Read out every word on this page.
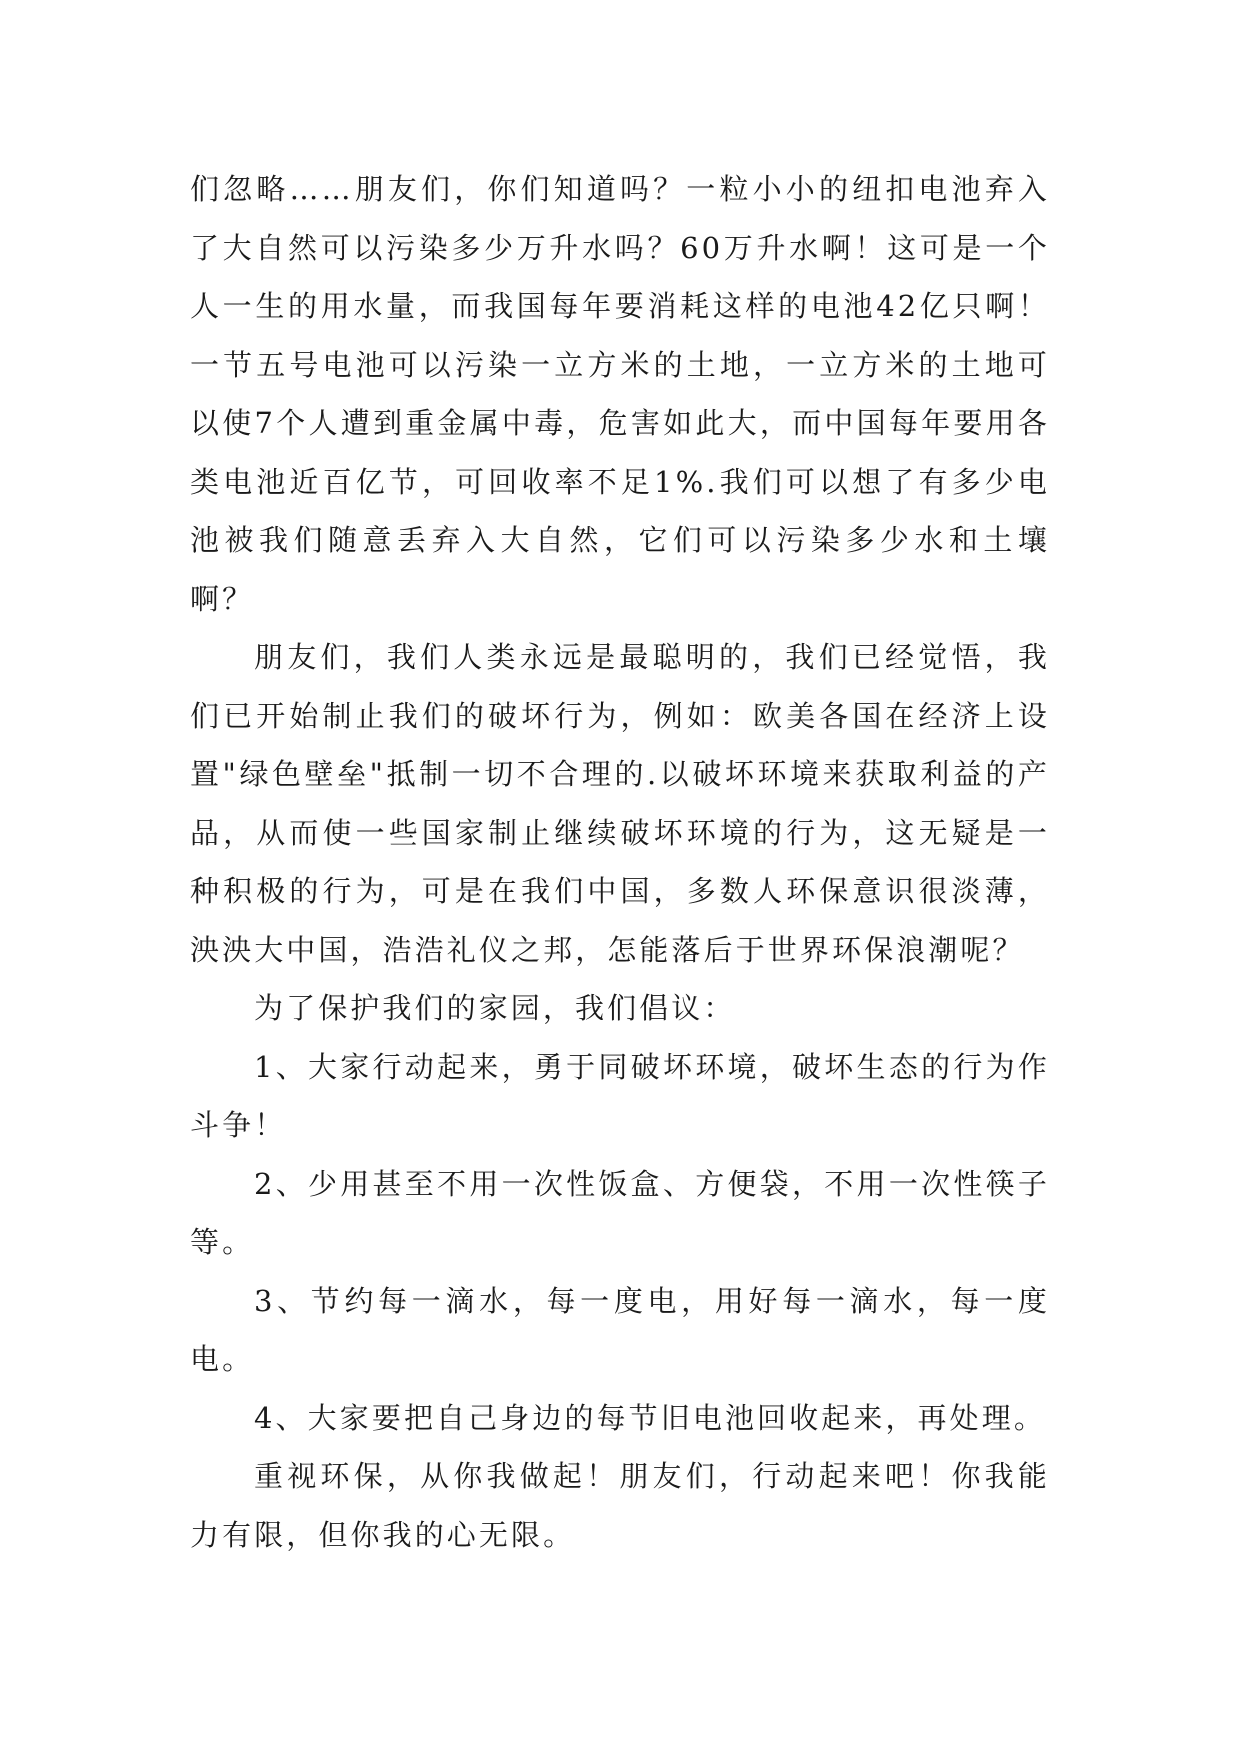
们忽略……朋友们，你们知道吗？一粒小小的纽扣电池弃入了大自然可以污染多少万升水吗？60万升水啊！这可是一个人一生的用水量，而我国每年要消耗这样的电池42亿只啊！一节五号电池可以污染一立方米的土地，一立方米的土地可以使7个人遭到重金属中毒，危害如此大，而中国每年要用各类电池近百亿节，可回收率不足1%.我们可以想了有多少电池被我们随意丢弃入大自然，它们可以污染多少水和土壤啊？

朋友们，我们人类永远是最聪明的，我们已经觉悟，我们已开始制止我们的破坏行为，例如：欧美各国在经济上设置"绿色壁垒"抵制一切不合理的.以破坏环境来获取利益的产品，从而使一些国家制止继续破坏环境的行为，这无疑是一种积极的行为，可是在我们中国，多数人环保意识很淡薄，泱泱大中国，浩浩礼仪之邦，怎能落后于世界环保浪潮呢？

为了保护我们的家园，我们倡议：

1、大家行动起来，勇于同破坏环境，破坏生态的行为作斗争！

2、少用甚至不用一次性饭盒、方便袋，不用一次性筷子等。

3、节约每一滴水，每一度电，用好每一滴水，每一度电。

4、大家要把自己身边的每节旧电池回收起来，再处理。

重视环保，从你我做起！朋友们，行动起来吧！你我能力有限，但你我的心无限。
